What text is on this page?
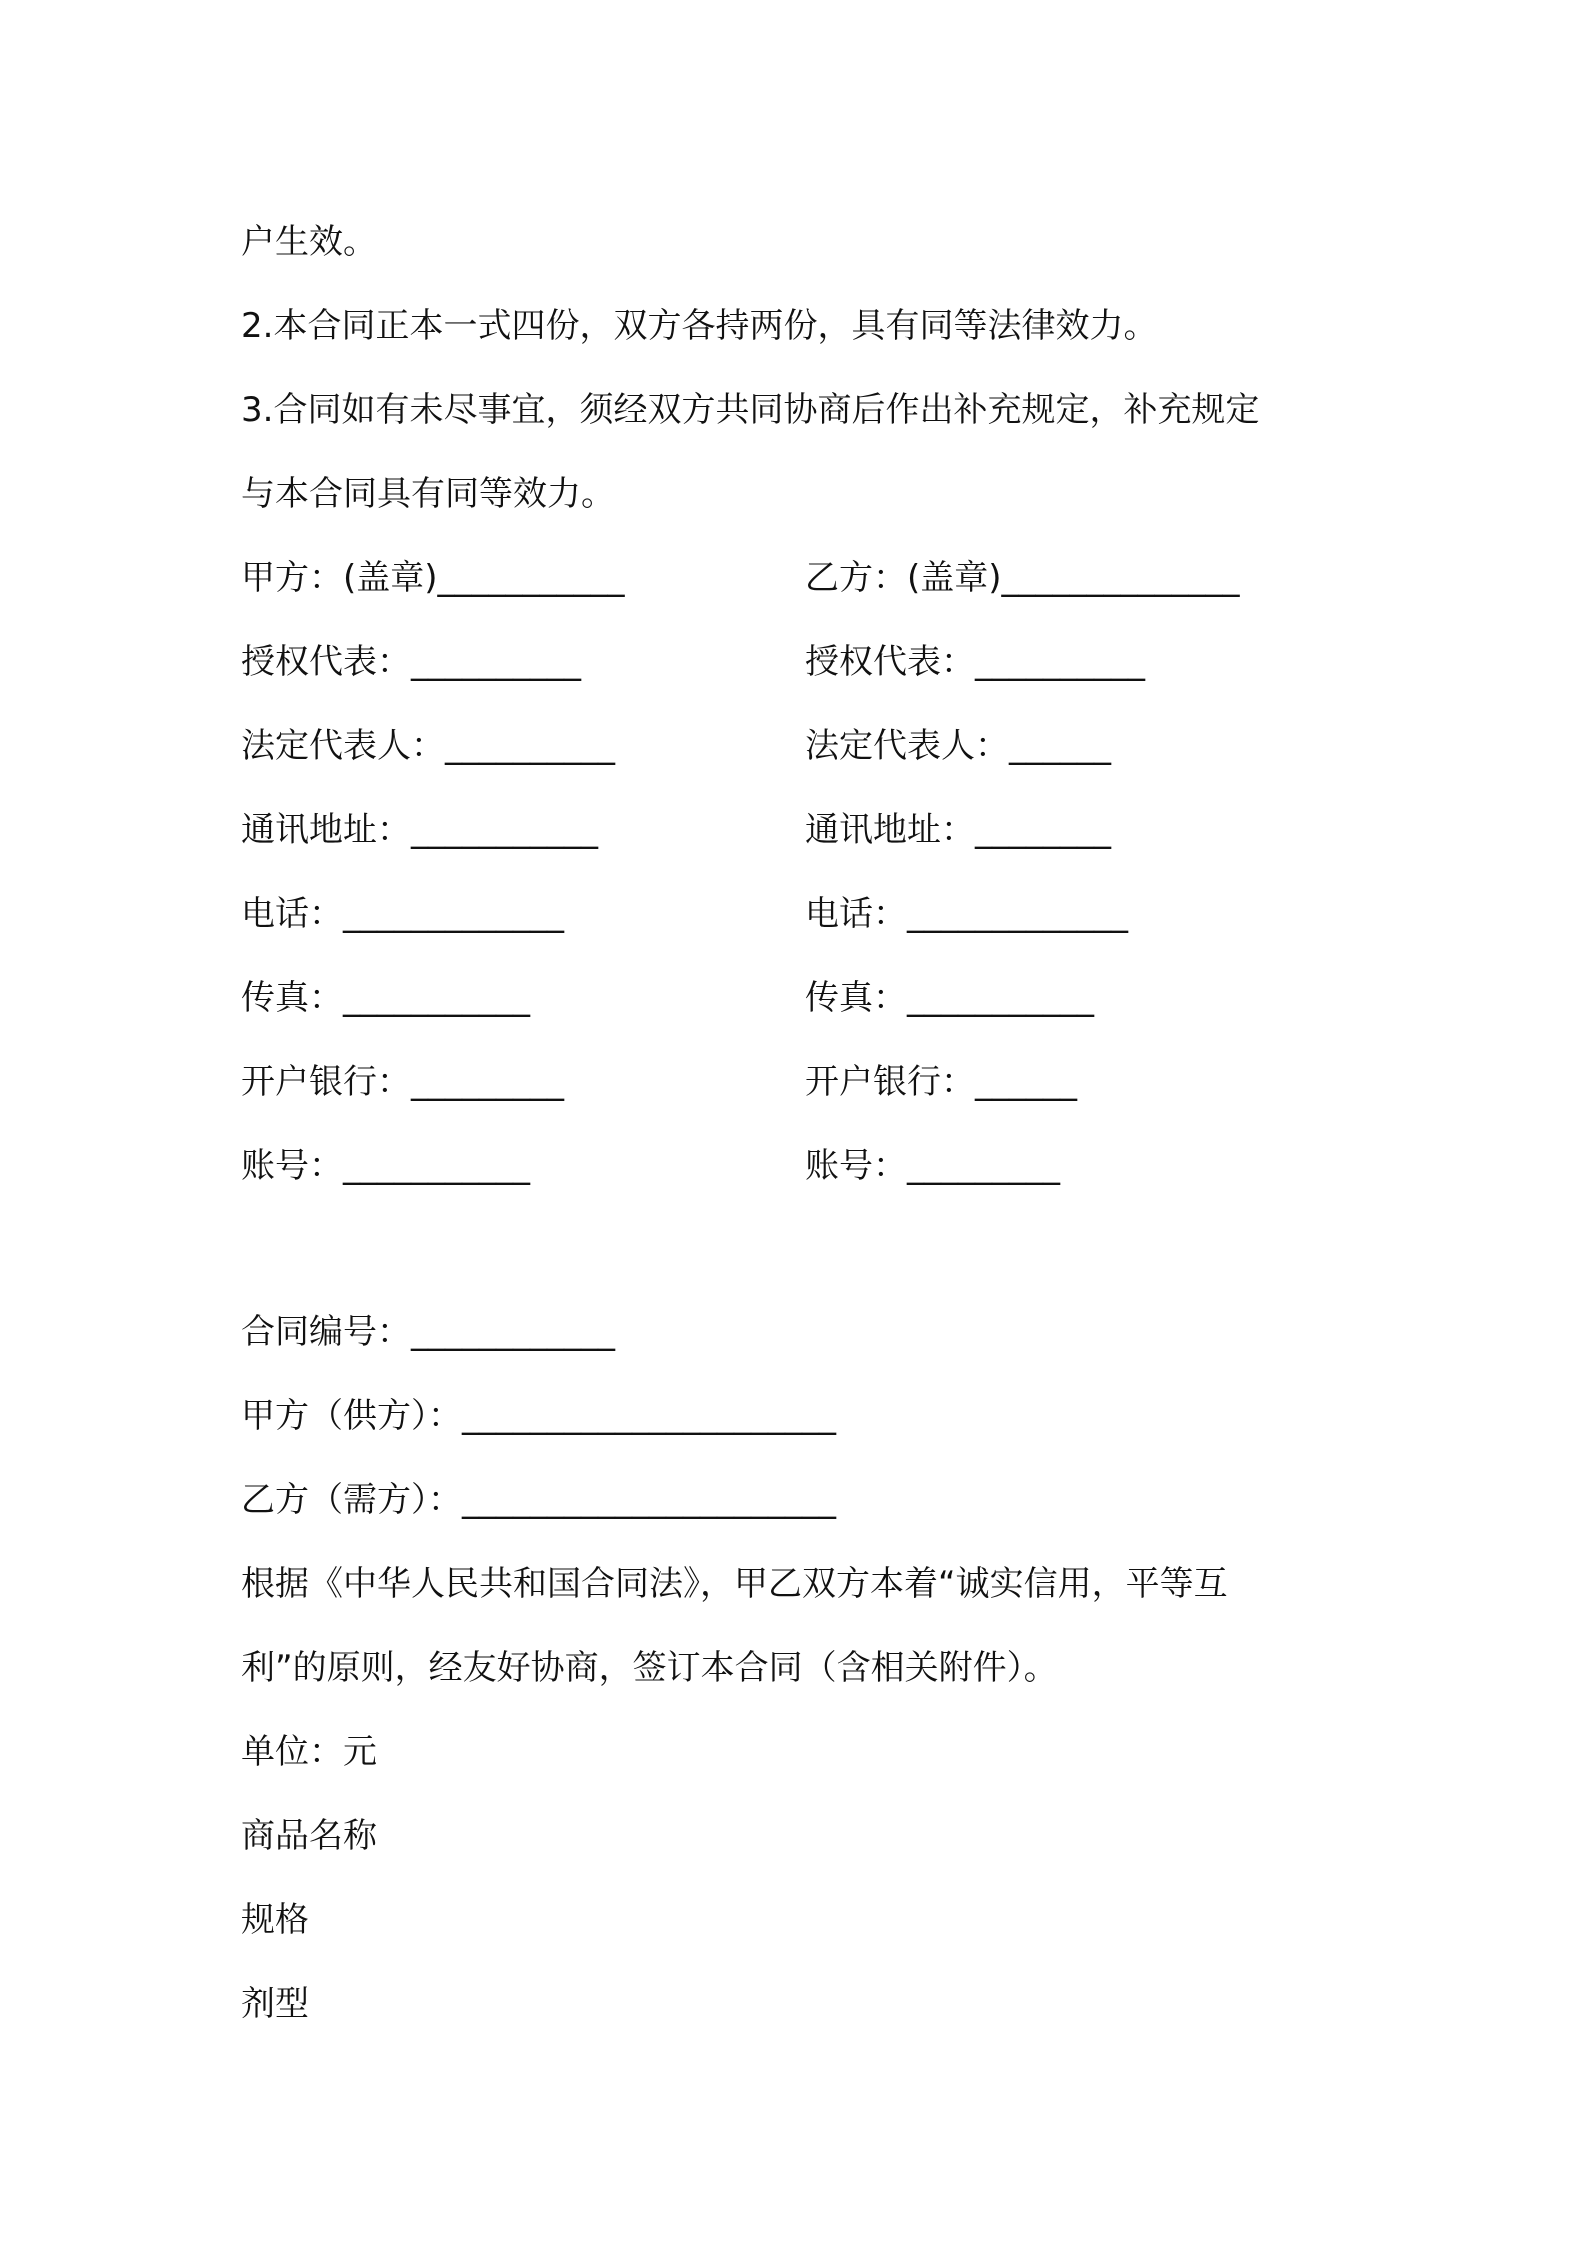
户生效。
2.本合同正本一式四份，双方各持两份，具有同等法律效力。
3.合同如有未尽事宜，须经双方共同协商后作出补充规定，补充规定
与本合同具有同等效力。
甲方：(盖章)___________	乙方：(盖章)______________
授权代表：__________	授权代表：__________
法定代表人：__________	法定代表人：______
通讯地址：___________	通讯地址：________
电话：_____________	电话：_____________
传真：___________	传真：___________
开户银行：_________	开户银行：______
账号：___________	账号：_________
合同编号：____________
甲方（供方）：______________________
乙方（需方）：______________________
根据《中华人民共和国合同法》，甲乙双方本着“诚实信用，平等互
利”的原则，经友好协商，签订本合同（含相关附件）。
单位：元
商品名称
规格
剂型
